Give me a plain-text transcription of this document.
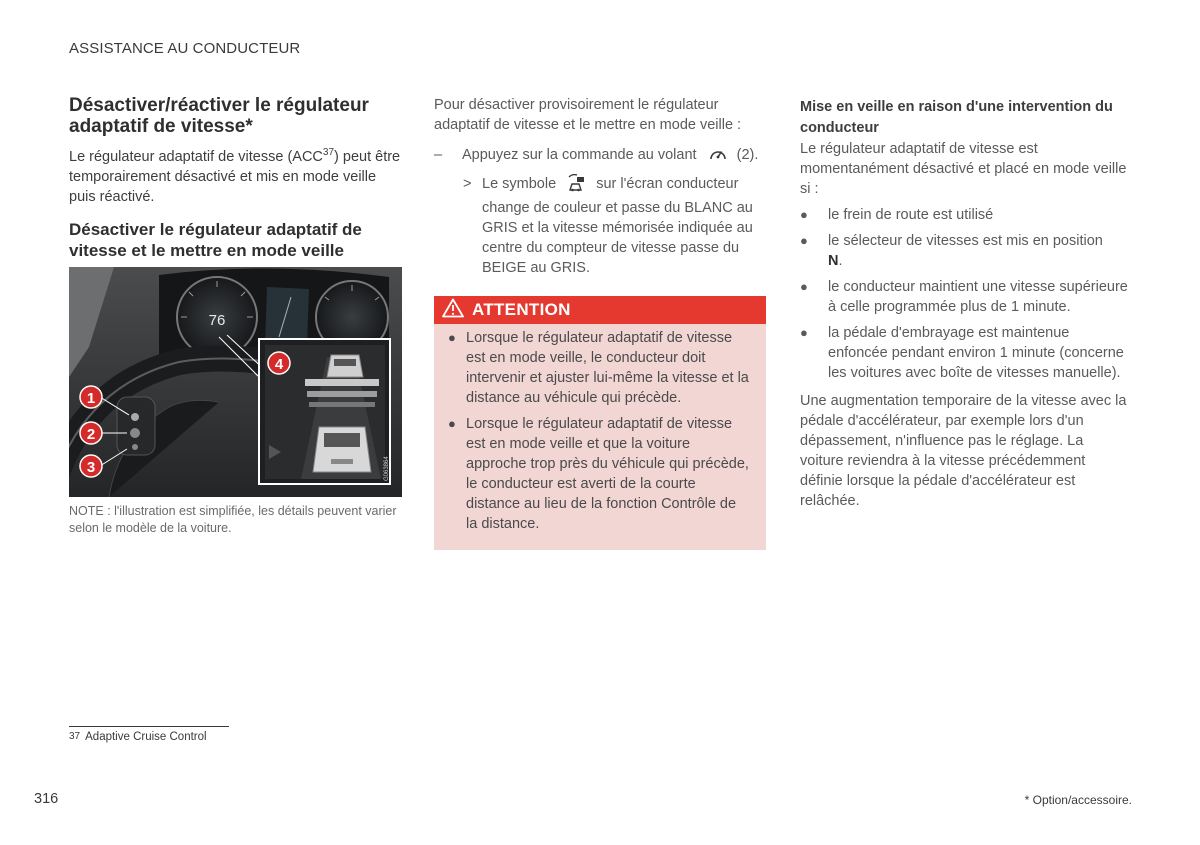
ASSISTANCE AU CONDUCTEUR
Désactiver/réactiver le régulateur adaptatif de vitesse*

Le régulateur adaptatif de vitesse (ACC$^{37}$) peut être temporairement désactivé et mis en mode veille puis réactivé.

Désactiver le régulateur adaptatif de vitesse et le mettre en mode veille
76
G063864
1
2
3
4
NOTE : l'illustration est simplifiée, les détails peuvent varier selon le modèle de la voiture.

Pour désactiver provisoirement le régulateur adaptatif de vitesse et le mettre en mode veille :

– Appuyez sur la commande au volant	(2).
> Le symbole	sur l'écran conducteur change de couleur et passe du BLANC au GRIS et la vitesse mémorisée indiquée au centre du compteur de vitesse passe du BEIGE au GRIS.
ATTENTION
● Lorsque le régulateur adaptatif de vitesse est en mode veille, le conducteur doit intervenir et ajuster lui-même la vitesse et la distance au véhicule qui précède.
● Lorsque le régulateur adaptatif de vitesse est en mode veille et que la voiture approche trop près du véhicule qui précède, le conducteur est averti de la courte distance au lieu de la fonction Contrôle de la distance.
Mise en veille en raison d'une intervention du conducteur

Le régulateur adaptatif de vitesse est momentanément désactivé et placé en mode veille si :

● le frein de route est utilisé
● le sélecteur de vitesses est mis en position
N.
● le conducteur maintient une vitesse supérieure à celle programmée plus de 1 minute.
● la pédale d'embrayage est maintenue enfoncée pendant environ 1 minute (concerne les voitures avec boîte de vitesses manuelle).

Une augmentation temporaire de la vitesse avec la pédale d'accélérateur, par exemple lors d'un dépassement, n'influence pas le réglage. La voiture reviendra à la vitesse précédemment définie lorsque la pédale d'accélérateur est relâchée.

37 Adaptive Cruise Control
316	* Option/accessoire.
